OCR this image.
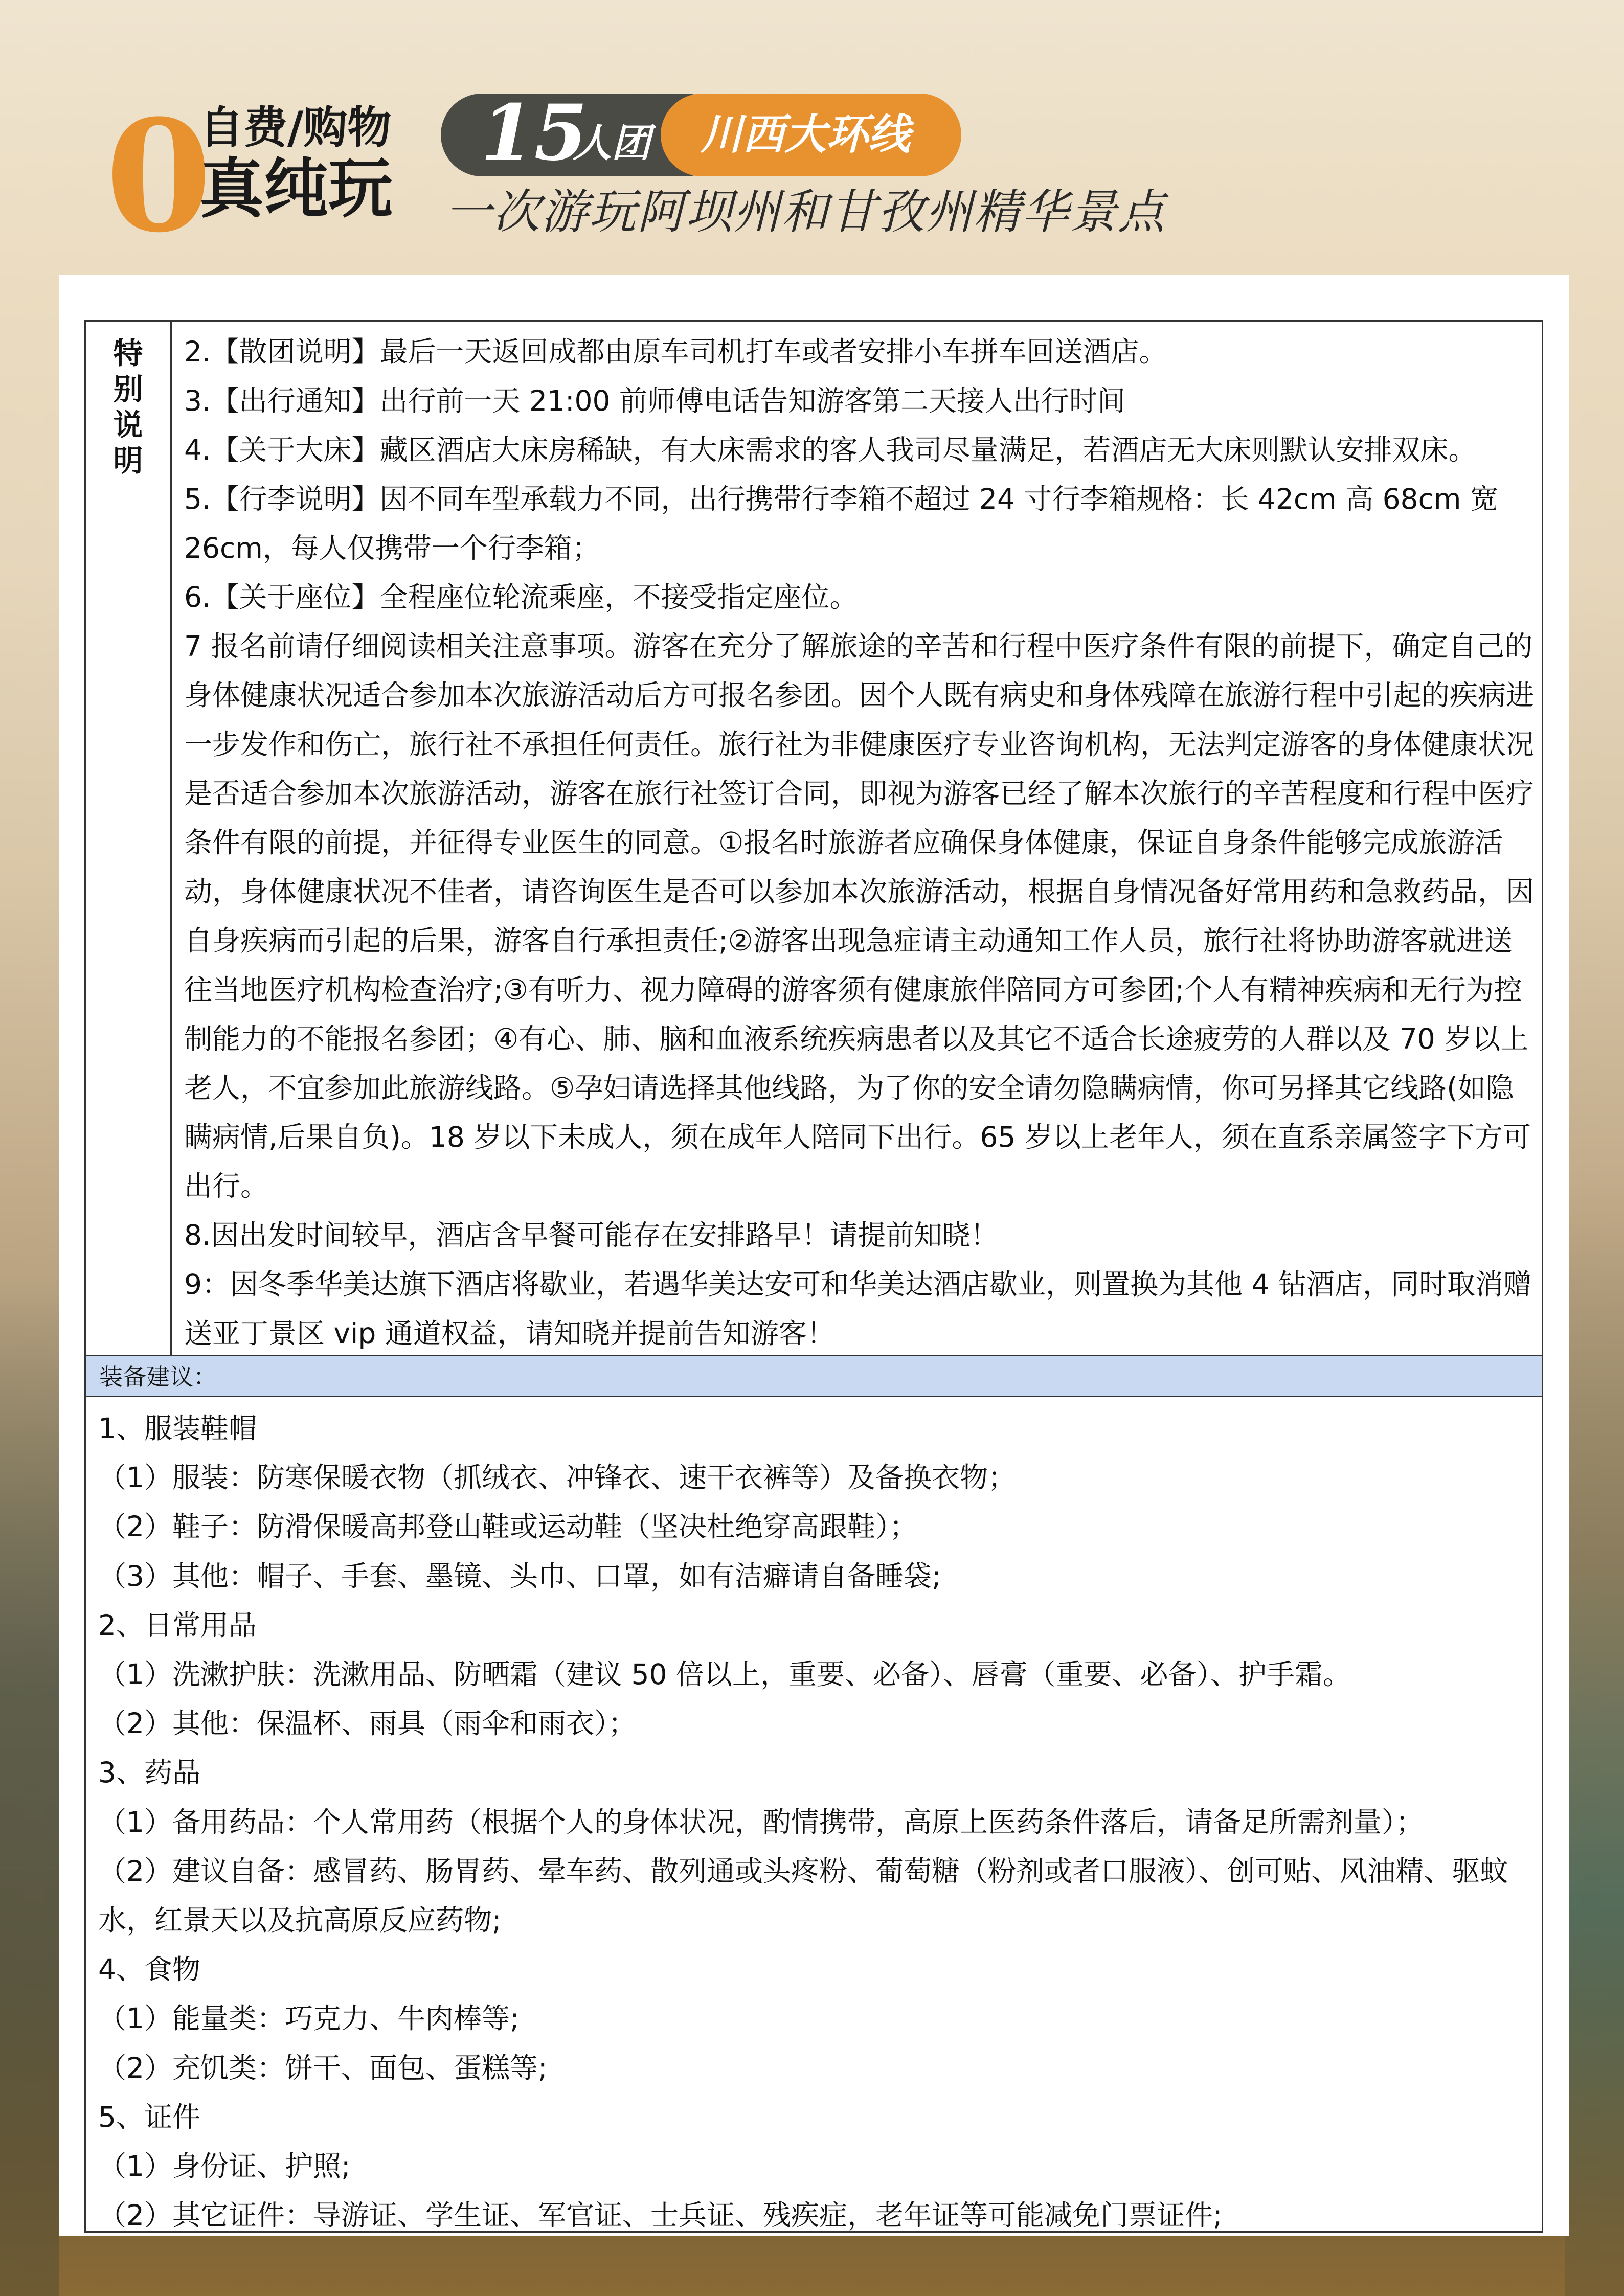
0
自费/购物
真纯玩
15
人团 川西大环线
一次游玩阿坝州和甘孜州精华景点
特
别
说
明

2.【散团说明】最后一天返回成都由原车司机打车或者安排小车拼车回送酒店。

3.【出行通知】出行前一天 21:00 前师傅电话告知游客第二天接人出行时间

4.【关于大床】藏区酒店大床房稀缺，有大床需求的客人我司尽量满足，若酒店无大床则默认安排双床。

5.【行李说明】因不同车型承载力不同，出行携带行李箱不超过 24 寸行李箱规格：长 42cm 高 68cm 宽 26cm，每人仅携带一个行李箱；

6.【关于座位】全程座位轮流乘座，不接受指定座位。

7 报名前请仔细阅读相关注意事项。游客在充分了解旅途的辛苦和行程中医疗条件有限的前提下，确定自己的身体健康状况适合参加本次旅游活动后方可报名参团。因个人既有病史和身体残障在旅游行程中引起的疾病进一步发作和伤亡，旅行社不承担任何责任。旅行社为非健康医疗专业咨询机构，无法判定游客的身体健康状况是否适合参加本次旅游活动，游客在旅行社签订合同，即视为游客已经了解本次旅行的辛苦程度和行程中医疗条件有限的前提，并征得专业医生的同意。①报名时旅游者应确保身体健康，保证自身条件能够完成旅游活动，身体健康状况不佳者，请咨询医生是否可以参加本次旅游活动，根据自身情况备好常用药和急救药品，因自身疾病而引起的后果，游客自行承担责任;②游客出现急症请主动通知工作人员，旅行社将协助游客就进送往当地医疗机构检查治疗;③有听力、视力障碍的游客须有健康旅伴陪同方可参团;个人有精神疾病和无行为控制能力的不能报名参团；④有心、肺、脑和血液系统疾病患者以及其它不适合长途疲劳的人群以及 70 岁以上老人，不宜参加此旅游线路。⑤孕妇请选择其他线路，为了你的安全请勿隐瞒病情，你可另择其它线路(如隐瞒病情,后果自负)。18 岁以下未成人，须在成年人陪同下出行。65 岁以上老年人，须在直系亲属签字下方可出行。

8.因出发时间较早，酒店含早餐可能存在安排路早！请提前知晓！

9：因冬季华美达旗下酒店将歇业，若遇华美达安可和华美达酒店歇业，则置换为其他 4 钻酒店，同时取消赠送亚丁景区 vip 通道权益，请知晓并提前告知游客！

装备建议：

1、服装鞋帽

（1）服装：防寒保暖衣物（抓绒衣、冲锋衣、速干衣裤等）及备换衣物；

（2）鞋子：防滑保暖高邦登山鞋或运动鞋（坚决杜绝穿高跟鞋）；

（3）其他：帽子、手套、墨镜、头巾、口罩，如有洁癖请自备睡袋;

2、日常用品

（1）洗漱护肤：洗漱用品、防晒霜（建议 50 倍以上，重要、必备）、唇膏（重要、必备）、护手霜。

（2）其他：保温杯、雨具（雨伞和雨衣）；

3、药品

（1）备用药品：个人常用药（根据个人的身体状况，酌情携带，高原上医药条件落后，请备足所需剂量）；

（2）建议自备：感冒药、肠胃药、晕车药、散列通或头疼粉、葡萄糖（粉剂或者口服液）、创可贴、风油精、驱蚊 水，红景天以及抗高原反应药物;

4、食物

（1）能量类：巧克力、牛肉棒等;

（2）充饥类：饼干、面包、蛋糕等;

5、证件

（1）身份证、护照;

（2）其它证件：导游证、学生证、军官证、士兵证、残疾症，老年证等可能减免门票证件;
